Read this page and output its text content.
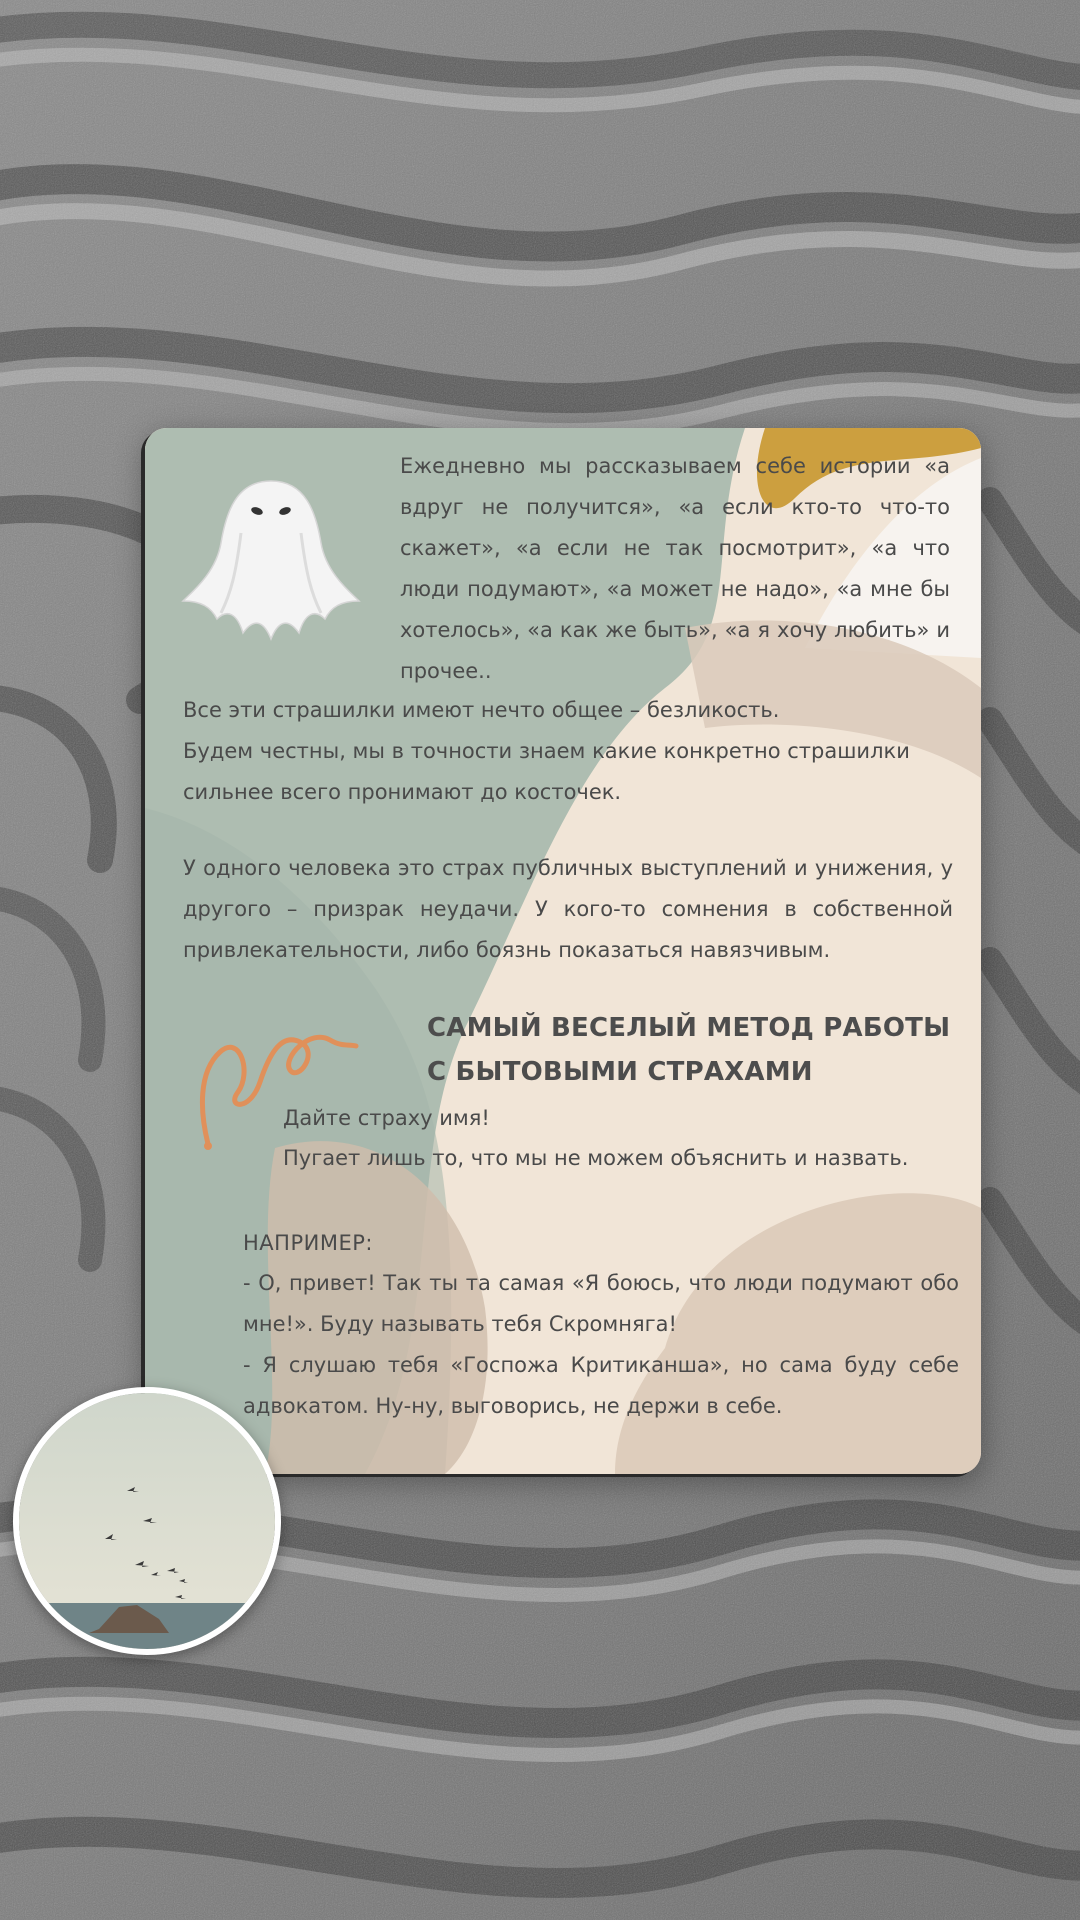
Ежедневно мы рассказываем себе истории «а вдруг не получится», «а если кто-то что-то скажет», «а если не так посмотрит», «а что люди подумают», «а может не надо», «а мне бы хотелось», «а как же быть», «а я хочу любить» и прочее..
Все эти страшилки имеют нечто общее – безликость.
Будем честны, мы в точности знаем какие конкретно страшилки сильнее всего пронимают до косточек.
У одного человека это страх публичных выступлений и унижения, у другого – призрак неудачи. У кого-то сомнения в собственной привлекательности, либо боязнь показаться навязчивым.
САМЫЙ ВЕСЕЛЫЙ МЕТОД РАБОТЫ С БЫТОВЫМИ СТРАХАМИ
Дайте страху имя!
Пугает лишь то, что мы не можем объяснить и назвать.
НАПРИМЕР:
- О, привет! Так ты та самая «Я боюсь, что люди подумают обо мне!». Буду называть тебя Скромняга!
- Я слушаю тебя «Госпожа Критиканша», но сама буду себе адвокатом. Ну-ну, выговорись, не держи в себе.
